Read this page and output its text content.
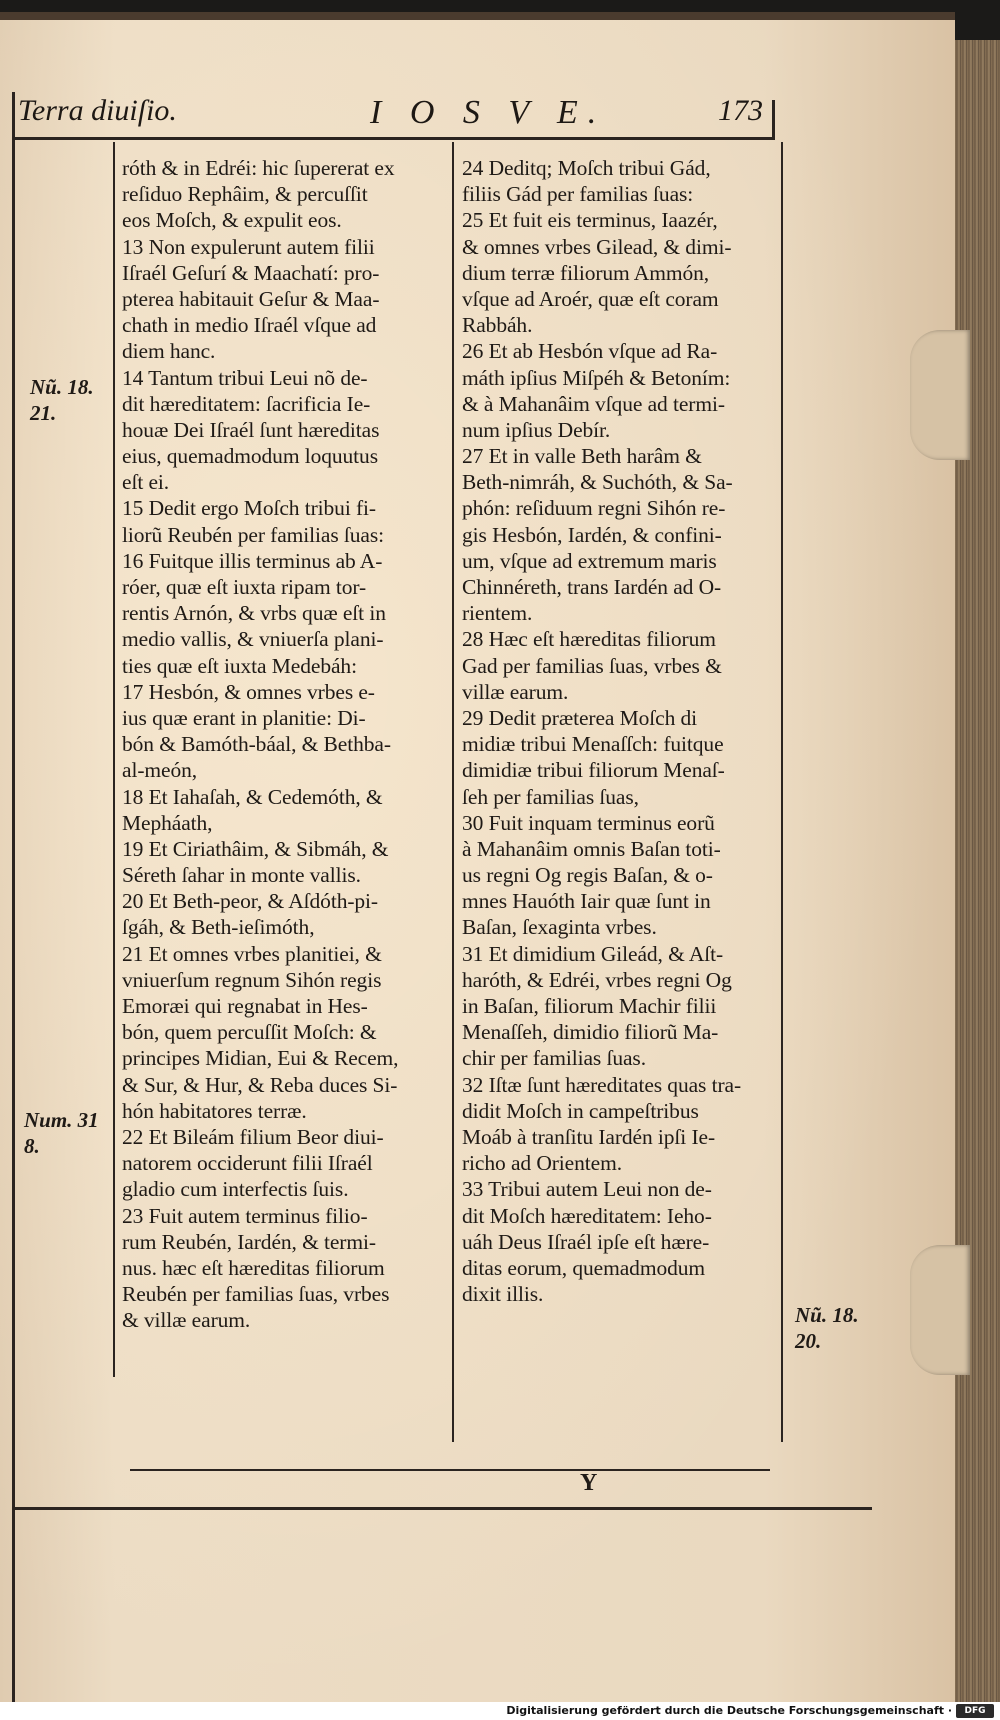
Terra diuiſio.	I O S V E.	173
Nũ. 18.
21.
Num. 31
8.
Nũ. 18.
20.
róth & in Edréi: hic ſupererat ex
reſiduo Rephâim, & percuſſit
eos Moſch, & expulit eos.
13 Non expulerunt autem filii
Iſraél Geſurí & Maachatí: pro-
pterea habitauit Geſur & Maa-
chath in medio Iſraél vſque ad
diem hanc.
14 Tantum tribui Leui nõ de-
dit hæreditatem: ſacrificia Ie-
houæ Dei Iſraél ſunt hæreditas
eius, quemadmodum loquutus
eſt ei.
15 Dedit ergo Moſch tribui fi-
liorũ Reubén per familias ſuas:
16 Fuitque illis terminus ab A-
róer, quæ eſt iuxta ripam tor-
rentis Arnón, & vrbs quæ eſt in
medio vallis, & vniuerſa plani-
ties quæ eſt iuxta Medebáh:
17 Hesbón, & omnes vrbes e-
ius quæ erant in planitie: Di-
bón & Bamóth-báal, & Bethba-
al-meón,
18 Et Iahaſah, & Cedemóth, &
Mepháath,
19 Et Ciriathâim, & Sibmáh, &
Séreth ſahar in monte vallis.
20 Et Beth-peor, & Aſdóth-pi-
ſgáh, & Beth-ieſimóth,
21 Et omnes vrbes planitiei, &
vniuerſum regnum Sihón regis
Emoræi qui regnabat in Hes-
bón, quem percuſſit Moſch: &
principes Midian, Eui & Recem,
& Sur, & Hur, & Reba duces Si-
hón habitatores terræ.
22 Et Bileám filium Beor diui-
natorem occiderunt filii Iſraél
gladio cum interfectis ſuis.
23 Fuit autem terminus filio-
rum Reubén, Iardén, & termi-
nus. hæc eſt hæreditas filiorum
Reubén per familias ſuas, vrbes
& villæ earum.
24 Deditq; Moſch tribui Gád,
filiis Gád per familias ſuas:
25 Et fuit eis terminus, Iaazér,
& omnes vrbes Gilead, & dimi-
dium terræ filiorum Ammón,
vſque ad Aroér, quæ eſt coram
Rabbáh.
26 Et ab Hesbón vſque ad Ra-
máth ipſius Miſpéh & Betoním:
& à Mahanâim vſque ad termi-
num ipſius Debír.
27 Et in valle Beth harâm &
Beth-nimráh, & Suchóth, & Sa-
phón: reſiduum regni Sihón re-
gis Hesbón, Iardén, & confini-
um, vſque ad extremum maris
Chinnéreth, trans Iardén ad O-
rientem.
28 Hæc eſt hæreditas filiorum
Gad per familias ſuas, vrbes &
villæ earum.
29 Dedit præterea Moſch di
midiæ tribui Menaſſch: fuitque
dimidiæ tribui filiorum Menaſ-
ſeh per familias ſuas,
30 Fuit inquam terminus eorũ
à Mahanâim omnis Baſan toti-
us regni Og regis Baſan, & o-
mnes Hauóth Iair quæ ſunt in
Baſan, ſexaginta vrbes.
31 Et dimidium Gileád, & Aſt-
haróth, & Edréi, vrbes regni Og
in Baſan, filiorum Machir filii
Menaſſeh, dimidio filiorũ Ma-
chir per familias ſuas.
32 Iſtæ ſunt hæreditates quas tra-
didit Moſch in campeſtribus
Moáb à tranſitu Iardén ipſi Ie-
richo ad Orientem.
33 Tribui autem Leui non de-
dit Moſch hæreditatem: Ieho-
uáh Deus Iſraél ipſe eſt hære-
ditas eorum, quemadmodum
dixit illis.
Y
Digitalisierung gefördert durch die Deutsche Forschungsgemeinschaft ·	DFG
